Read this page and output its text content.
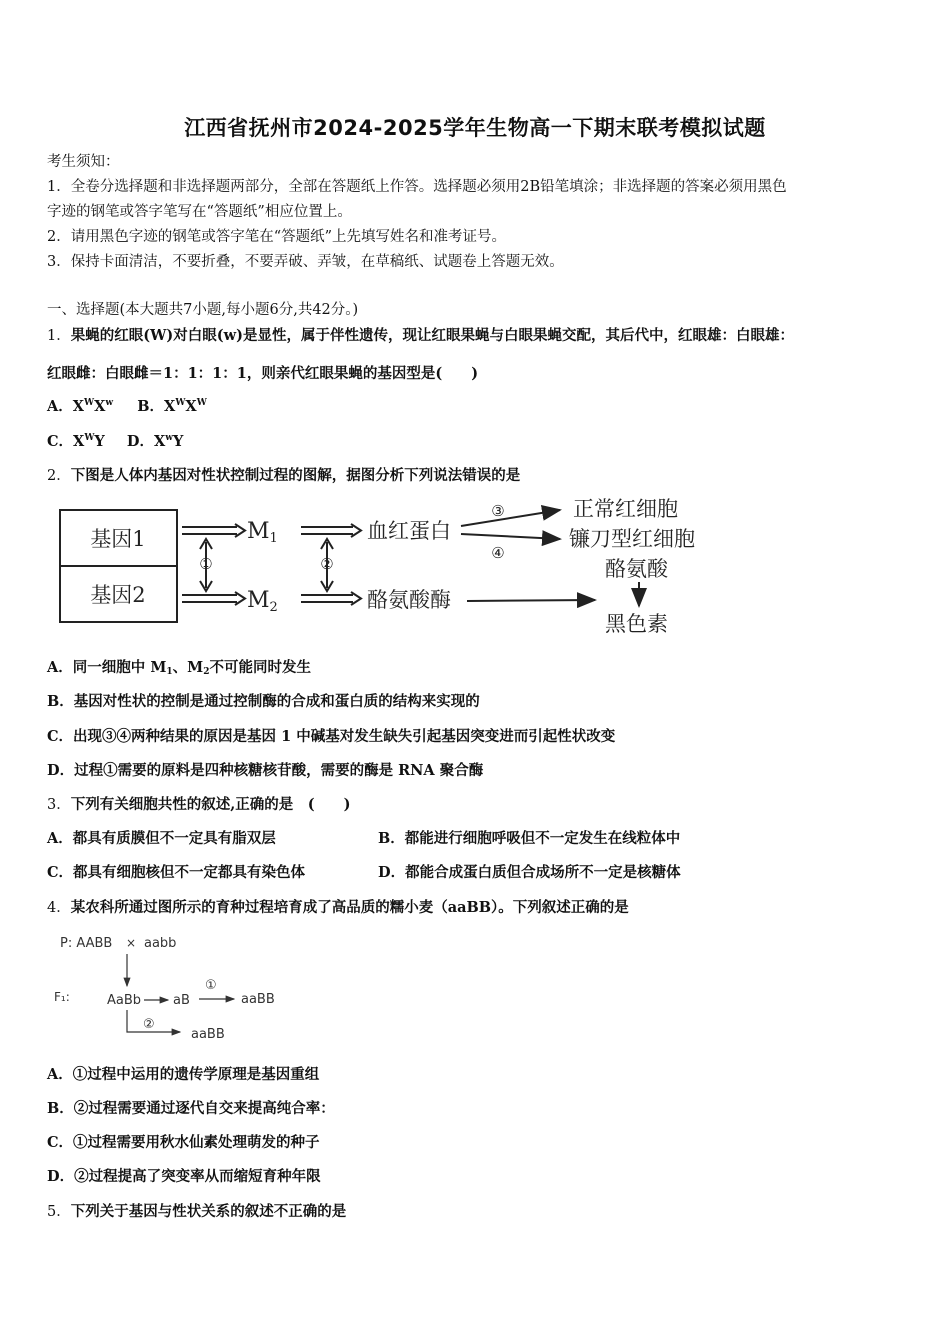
江西省抚州市2024-2025学年生物高一下期末联考模拟试题
考生须知：
1．全卷分选择题和非选择题两部分，全部在答题纸上作答。选择题必须用2B铅笔填涂；非选择题的答案必须用黑色
字迹的钢笔或答字笔写在“答题纸”相应位置上。
2．请用黑色字迹的钢笔或答字笔在“答题纸”上先填写姓名和准考证号。
3．保持卡面清洁，不要折叠，不要弄破、弄皱，在草稿纸、试题卷上答题无效。
一、选择题(本大题共7小题,每小题6分,共42分。)
1．果蝇的红眼(W)对白眼(w)是显性，属于伴性遗传，现让红眼果蝇与白眼果蝇交配，其后代中，红眼雄：白眼雄：
红眼雌：白眼雌＝1：1：1：1，则亲代红眼果蝇的基因型是(　　)
A．$X^WX^w$ B．$X^WX^W$
C．$X^WY$ D．$X^wY$
2．下图是人体内基因对性状控制过程的图解，据图分析下列说法错误的是
基因1
基因2
M1
M2
①	②
血红蛋白
酪氨酸酶
③
④
正常红细胞
镰刀型红细胞
酪氨酸
黑色素
A．同一细胞中 $M_1$、$M_2$不可能同时发生
B．基因对性状的控制是通过控制酶的合成和蛋白质的结构来实现的
C．出现③④两种结果的原因是基因 1 中碱基对发生缺失引起基因突变进而引起性状改变
D．过程①需要的原料是四种核糖核苷酸，需要的酶是 RNA 聚合酶
3．下列有关细胞共性的叙述,正确的是　(　　)
A．都具有质膜但不一定具有脂双层	B．都能进行细胞呼吸但不一定发生在线粒体中
C．都具有细胞核但不一定都具有染色体	D．都能合成蛋白质但合成场所不一定是核糖体
4．某农科所通过图所示的育种过程培育成了高品质的糯小麦（aaBB）。下列叙述正确的是
P: AABB × aabb
F₁:	AaBb aB
①
aaBB
②
aaBB
A．①过程中运用的遗传学原理是基因重组
B．②过程需要通过逐代自交来提高纯合率：
C．①过程需要用秋水仙素处理萌发的种子
D．②过程提高了突变率从而缩短育种年限
5．下列关于基因与性状关系的叙述不正确的是
